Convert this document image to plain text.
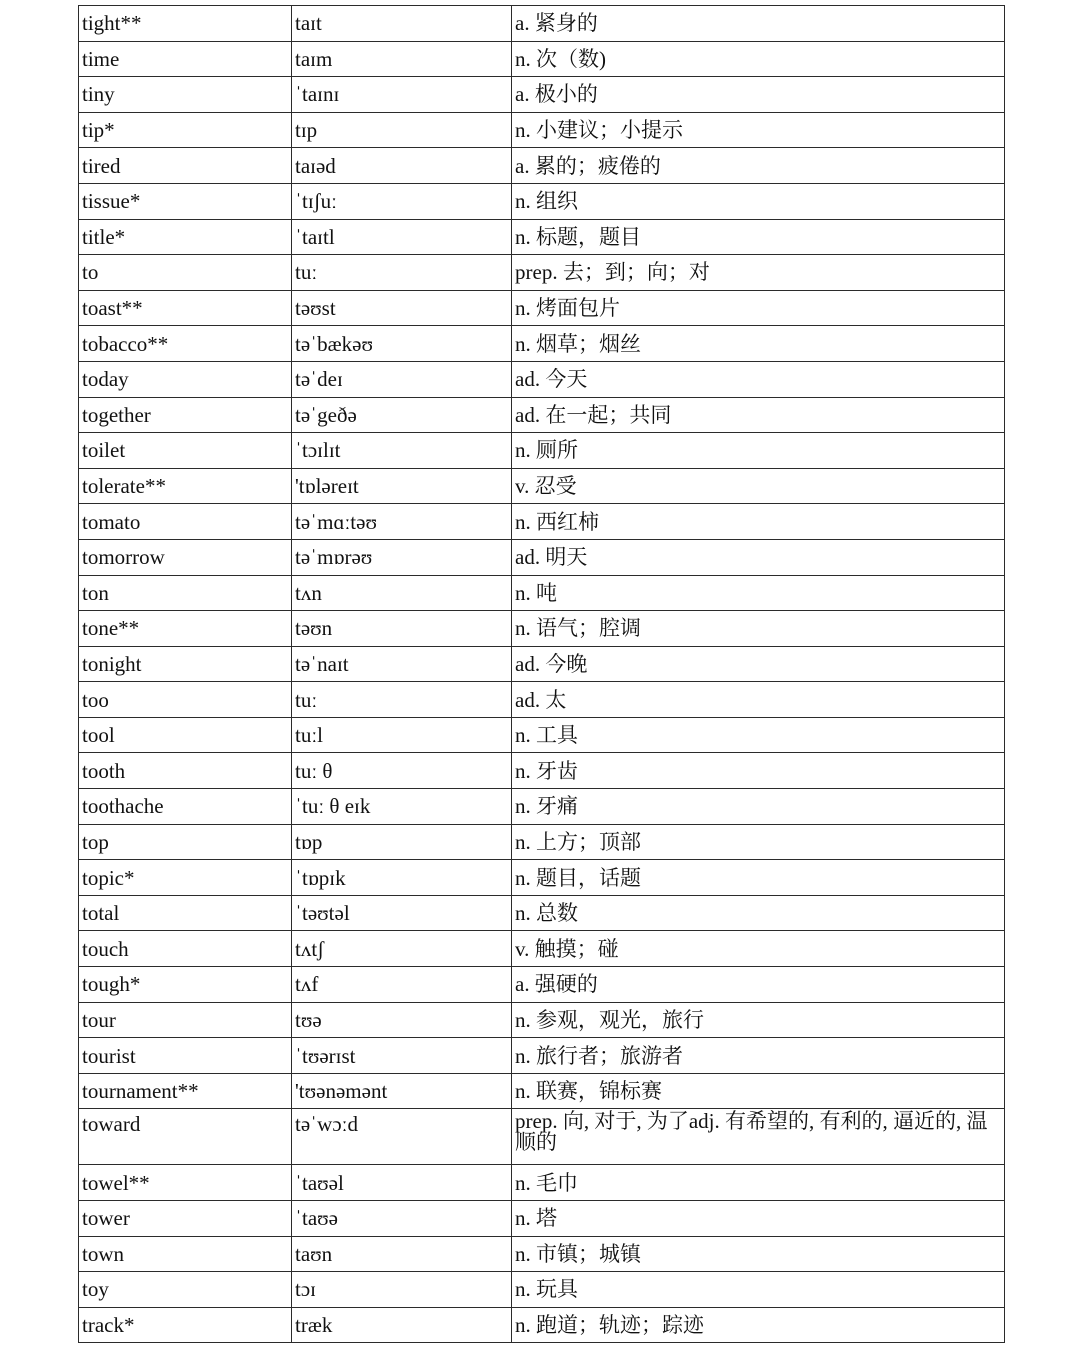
tight**	taɪt	a. 紧身的
time	taɪm	n. 次（数)
tiny	ˈtaɪnɪ	a. 极小的
tip*	tɪp	n. 小建议；小提示
tired	taɪəd	a. 累的；疲倦的
tissue*	ˈtɪʃuː	n. 组织
title*	ˈtaɪtl	n. 标题，题目
to	tuː	prep. 去；到；向；对
toast**	təʊst	n. 烤面包片
tobacco**	təˈbækəʊ	n. 烟草；烟丝
today	təˈdeɪ	ad. 今天
together	təˈgeðə	ad. 在一起；共同
toilet	ˈtɔɪlɪt	n. 厕所
tolerate**	'tɒləreɪt	v. 忍受
tomato	təˈmɑːtəʊ	n. 西红柿
tomorrow	təˈmɒrəʊ	ad. 明天
ton	tʌn	n. 吨
tone**	təʊn	n. 语气；腔调
tonight	təˈnaɪt	ad. 今晚
too	tuː	ad. 太
tool	tuːl	n. 工具
tooth	tuː θ	n. 牙齿
toothache	ˈtuː θ eɪk	n. 牙痛
top	tɒp	n. 上方；顶部
topic*	ˈtɒpɪk	n. 题目，话题
total	ˈtəʊtəl	n. 总数
touch	tʌtʃ	v. 触摸；碰
tough*	tʌf	a. 强硬的
tour	tʊə	n. 参观，观光，旅行
tourist	ˈtʊərɪst	n. 旅行者；旅游者
tournament**	'tʊənəmənt	n. 联赛，锦标赛
toward	təˈwɔːd	prep. 向, 对于, 为了adj. 有希望的, 有利的, 逼近的, 温顺的
towel**	ˈtaʊəl	n. 毛巾
tower	ˈtaʊə	n. 塔
town	taʊn	n. 市镇；城镇
toy	tɔɪ	n. 玩具
track*	træk	n. 跑道；轨迹；踪迹
